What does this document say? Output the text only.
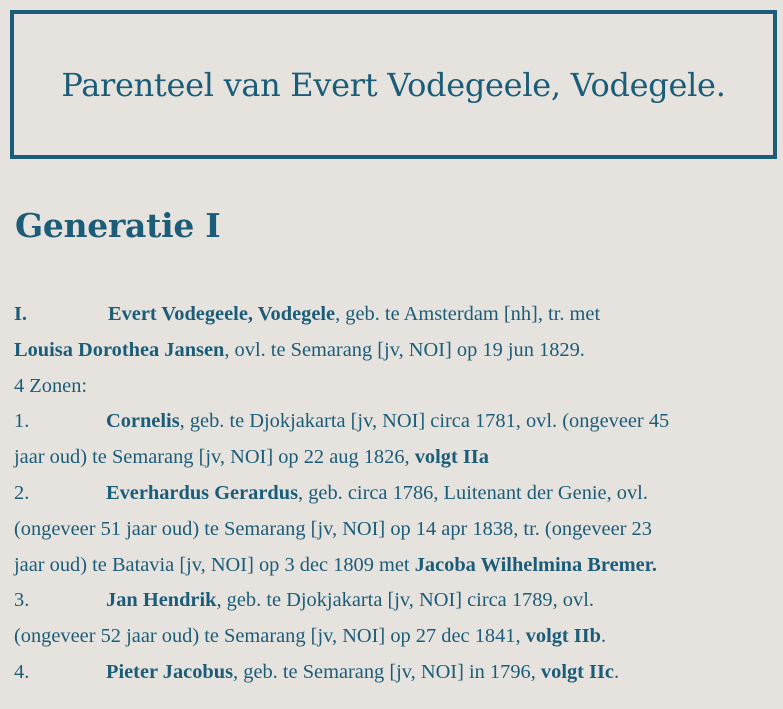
Parenteel van Evert Vodegeele, Vodegele.
Generatie I
I.	Evert Vodegeele, Vodegele, geb. te Amsterdam [nh], tr. met
Louisa Dorothea Jansen, ovl. te Semarang [jv, NOI] op 19 jun 1829.
4 Zonen:
1.	Cornelis, geb. te Djokjakarta [jv, NOI] circa 1781, ovl. (ongeveer 45
jaar oud) te Semarang [jv, NOI] op 22 aug 1826, volgt IIa
2.	Everhardus Gerardus, geb. circa 1786, Luitenant der Genie, ovl.
(ongeveer 51 jaar oud) te Semarang [jv, NOI] op 14 apr 1838, tr. (ongeveer 23
jaar oud) te Batavia [jv, NOI] op 3 dec 1809 met Jacoba Wilhelmina Bremer.
3.	Jan Hendrik, geb. te Djokjakarta [jv, NOI] circa 1789, ovl.
(ongeveer 52 jaar oud) te Semarang [jv, NOI] op 27 dec 1841, volgt IIb.
4.	Pieter Jacobus, geb. te Semarang [jv, NOI] in 1796, volgt IIc.
